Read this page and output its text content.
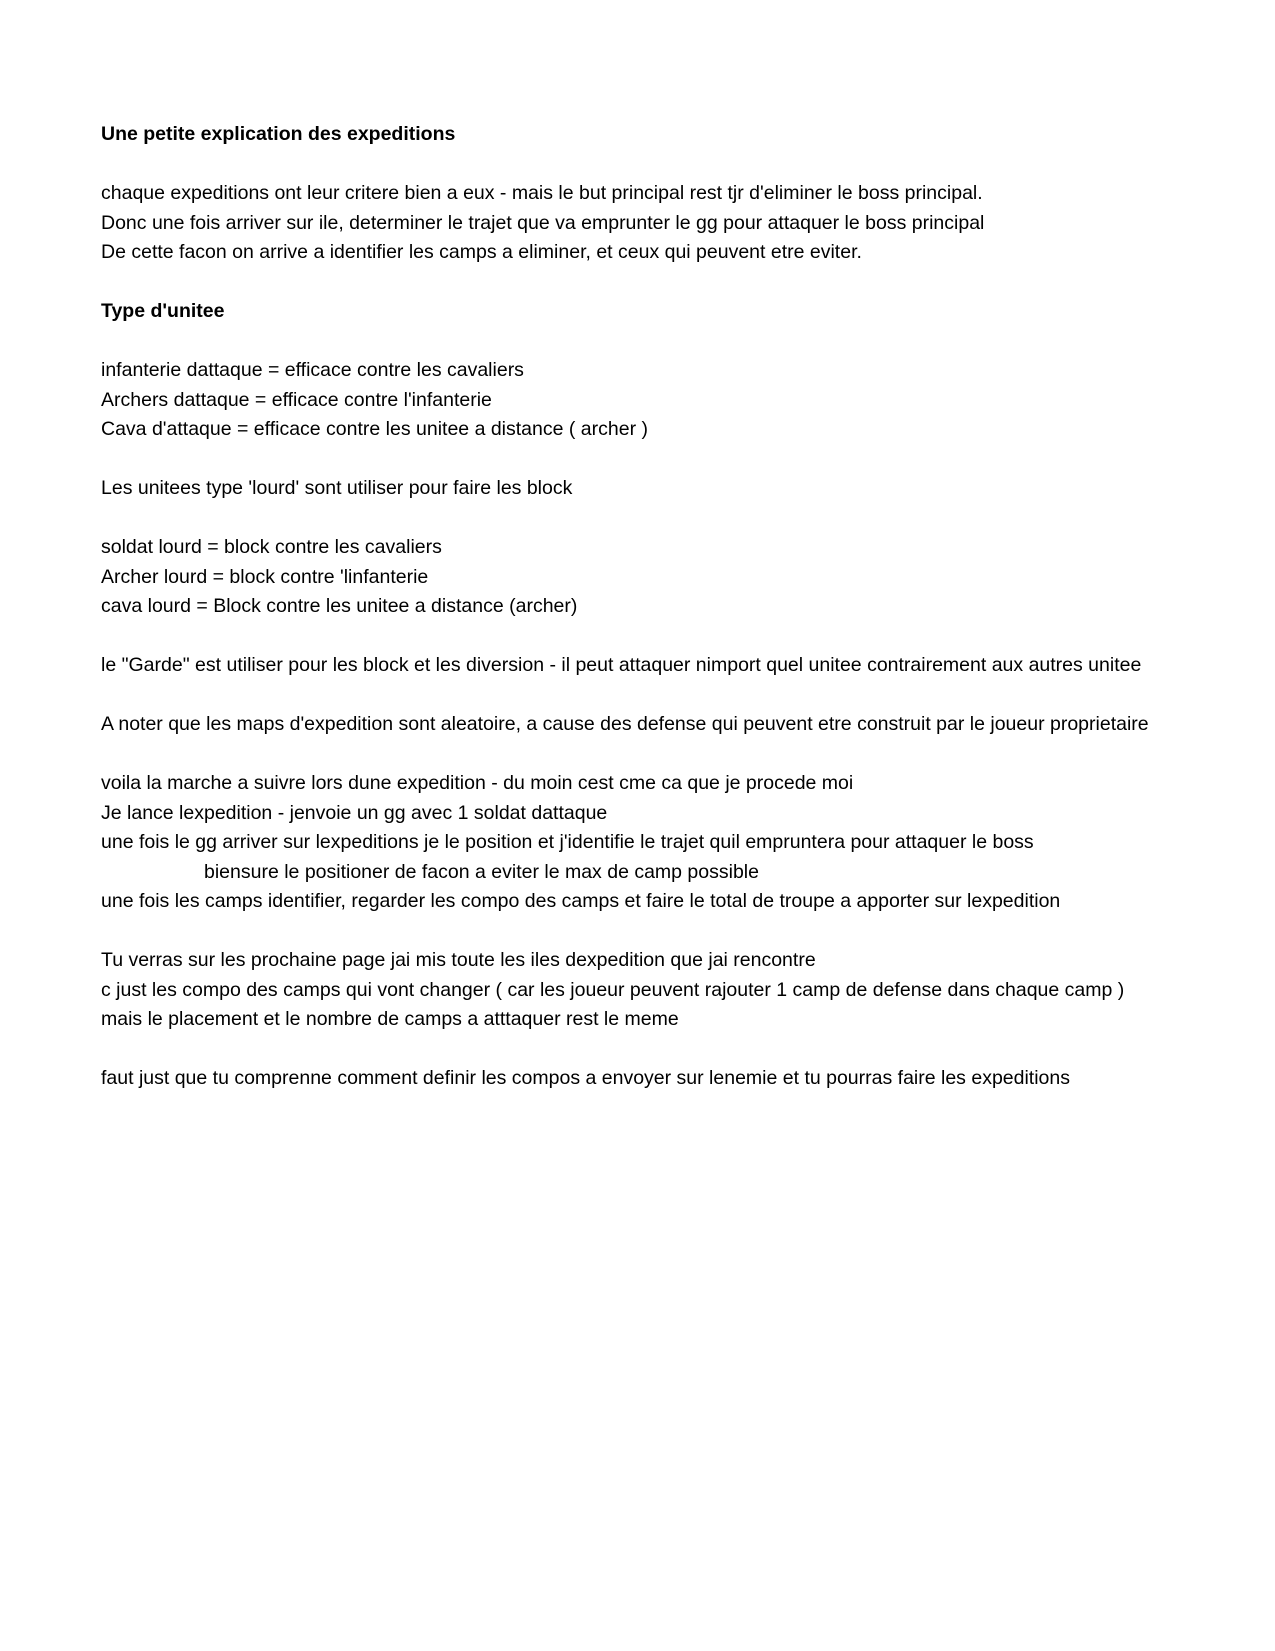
Une petite explication des expeditions
chaque expeditions ont leur critere bien a eux - mais le but principal rest tjr d'eliminer le boss principal.
Donc une fois arriver sur ile, determiner le trajet que va emprunter le gg pour attaquer le boss principal
De cette facon on arrive a identifier les camps a eliminer, et ceux qui peuvent etre eviter.
Type d'unitee
infanterie dattaque = efficace contre les cavaliers
Archers dattaque = efficace contre l'infanterie
Cava d'attaque = efficace contre les unitee a distance ( archer )
Les unitees type 'lourd' sont utiliser pour faire les block
soldat lourd = block contre les cavaliers
Archer lourd = block contre 'linfanterie
cava lourd = Block contre les unitee a distance (archer)
le "Garde" est utiliser pour les block et les diversion - il peut attaquer nimport quel unitee contrairement aux autres unitee
A noter que les maps d'expedition sont aleatoire, a cause des defense qui peuvent etre construit par le joueur proprietaire
voila la marche a suivre lors dune expedition - du moin cest cme ca que je procede moi
Je lance lexpedition - jenvoie un gg avec 1 soldat dattaque
une fois le gg arriver sur lexpeditions je le position et j'identifie le trajet quil empruntera pour attaquer le boss
biensure le positioner de facon a eviter le max de camp possible
une fois les camps identifier, regarder les compo des camps et faire le total de troupe a apporter sur lexpedition
Tu verras sur les prochaine page jai mis toute les iles dexpedition que jai rencontre
c just les compo des camps qui vont changer ( car les joueur peuvent rajouter 1 camp de defense dans chaque camp )
mais le placement et le nombre de camps a atttaquer rest le meme
faut just que tu comprenne comment definir les compos a envoyer sur lenemie et tu pourras faire les expeditions
